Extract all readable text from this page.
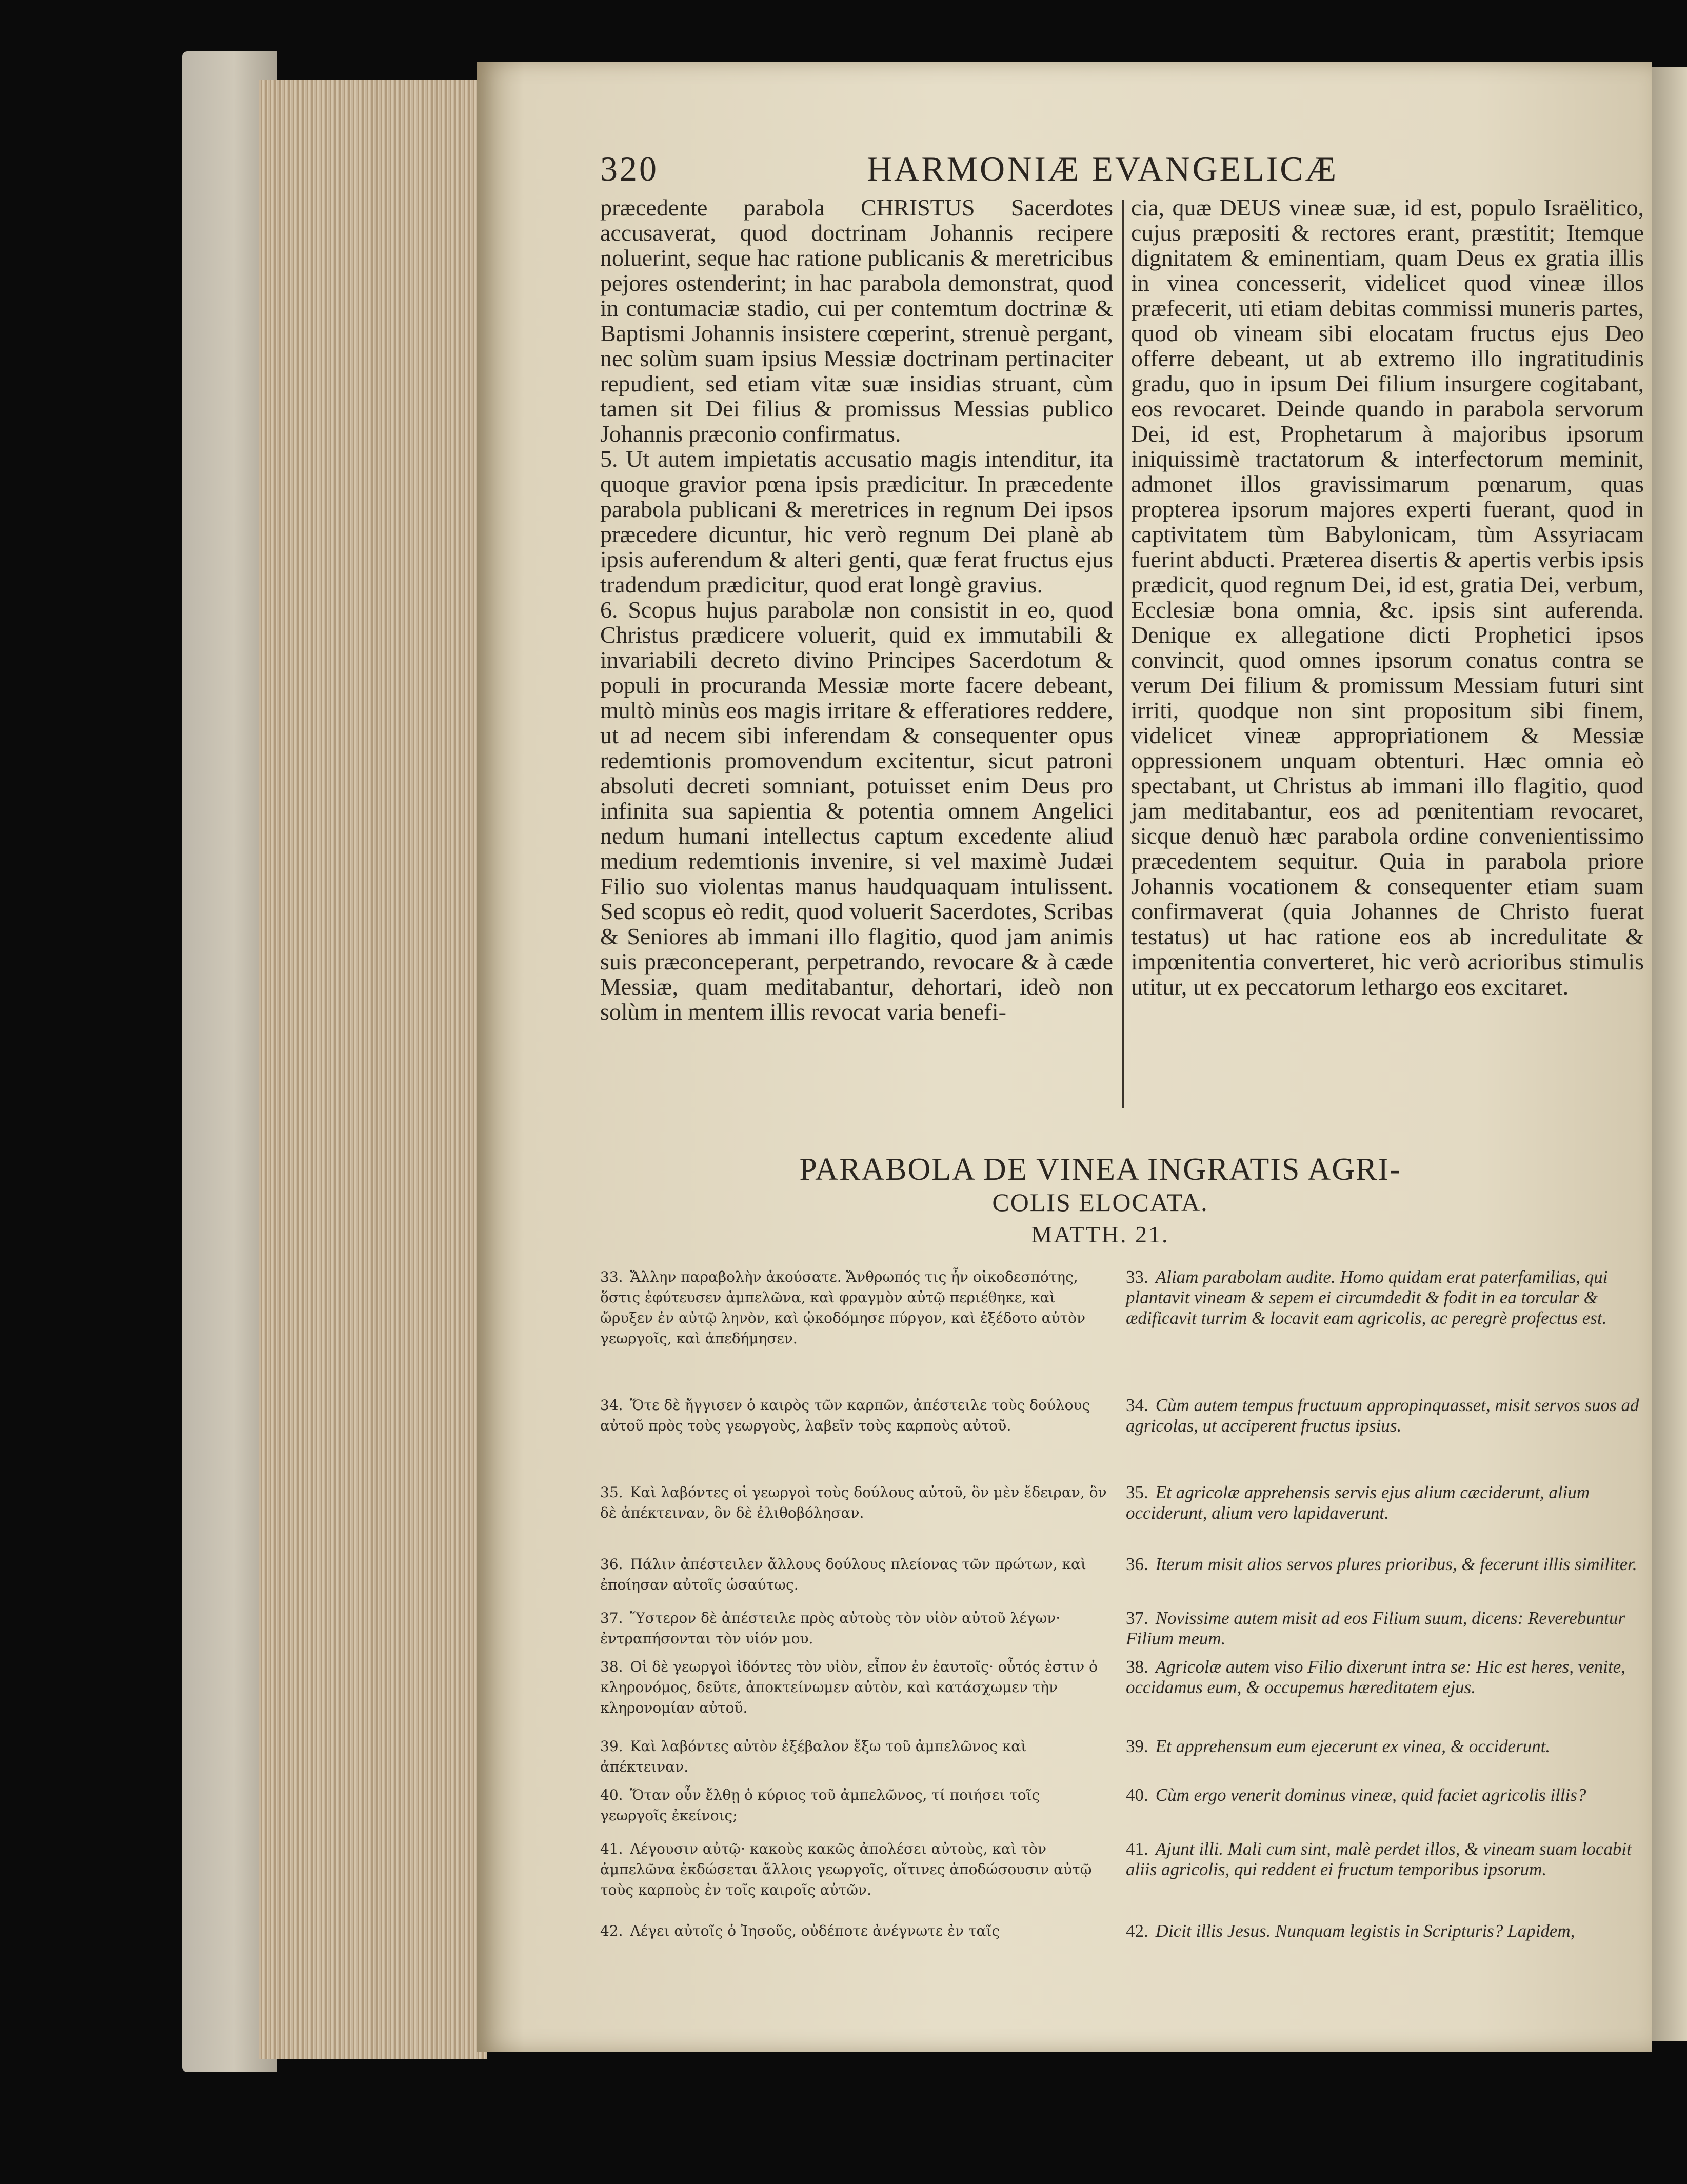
320	HARMONIÆ EVANGELICÆ

præcedente parabola CHRISTUS Sacerdotes accusaverat, quod doctrinam Johannis recipere noluerint, seque hac ratione publicanis & meretricibus pejores ostenderint; in hac parabola demonstrat, quod in contumaciæ stadio, cui per contemtum doctrinæ & Baptismi Johannis insistere cœperint, strenuè pergant, nec solùm suam ipsius Messiæ doctrinam pertinaciter repudient, sed etiam vitæ suæ insidias struant, cùm tamen sit Dei filius & promissus Messias publico Johannis præconio confirmatus.

5. Ut autem impietatis accusatio magis intenditur, ita quoque gravior pœna ipsis prædicitur. In præcedente parabola publicani & meretrices in regnum Dei ipsos præcedere dicuntur, hic verò regnum Dei planè ab ipsis auferendum & alteri genti, quæ ferat fructus ejus tradendum prædicitur, quod erat longè gravius.

6. Scopus hujus parabolæ non consistit in eo, quod Christus prædicere voluerit, quid ex immutabili & invariabili decreto divino Principes Sacerdotum & populi in procuranda Messiæ morte facere debeant, multò minùs eos magis irritare & efferatiores reddere, ut ad necem sibi inferendam & consequenter opus redemtionis promovendum excitentur, sicut patroni absoluti decreti somniant, potuisset enim Deus pro infinita sua sapientia & potentia omnem Angelici nedum humani intellectus captum excedente aliud medium redemtionis invenire, si vel maximè Judæi Filio suo violentas manus haudquaquam intulissent. Sed scopus eò redit, quod voluerit Sacerdotes, Scribas & Seniores ab immani illo flagitio, quod jam animis suis præconceperant, perpetrando, revocare & à cæde Messiæ, quam meditabantur, dehortari, ideò non solùm in mentem illis revocat varia benefi-

cia, quæ DEUS vineæ suæ, id est, populo Israëlitico, cujus præpositi & rectores erant, præstitit; Itemque dignitatem & eminentiam, quam Deus ex gratia illis in vinea concesserit, videlicet quod vineæ illos præfecerit, uti etiam debitas commissi muneris partes, quod ob vineam sibi elocatam fructus ejus Deo offerre debeant, ut ab extremo illo ingratitudinis gradu, quo in ipsum Dei filium insurgere cogitabant, eos revocaret. Deinde quando in parabola servorum Dei, id est, Prophetarum à majoribus ipsorum iniquissimè tractatorum & interfectorum meminit, admonet illos gravissimarum pœnarum, quas propterea ipsorum majores experti fuerant, quod in captivitatem tùm Babylonicam, tùm Assyriacam fuerint abducti. Præterea disertis & apertis verbis ipsis prædicit, quod regnum Dei, id est, gratia Dei, verbum, Ecclesiæ bona omnia, &c. ipsis sint auferenda. Denique ex allegatione dicti Prophetici ipsos convincit, quod omnes ipsorum conatus contra se verum Dei filium & promissum Messiam futuri sint irriti, quodque non sint propositum sibi finem, videlicet vineæ appropriationem & Messiæ oppressionem unquam obtenturi. Hæc omnia eò spectabant, ut Christus ab immani illo flagitio, quod jam meditabantur, eos ad pœnitentiam revocaret, sicque denuò hæc parabola ordine convenientissimo præcedentem sequitur. Quia in parabola priore Johannis vocationem & consequenter etiam suam confirmaverat (quia Johannes de Christo fuerat testatus) ut hac ratione eos ab incredulitate & impœnitentia converteret, hic verò acrioribus stimulis utitur, ut ex peccatorum lethargo eos excitaret.

PARABOLA DE VINEA INGRATIS AGRI-
COLIS ELOCATA.
MATTH. 21.
33. Ἄλλην παραβολὴν ἀκούσατε. Ἄνθρωπός τις ἦν οἰκοδεσπότης, ὅστις ἐφύτευσεν ἀμπελῶνα, καὶ φραγμὸν αὐτῷ περιέθηκε, καὶ ὤρυξεν ἐν αὐτῷ ληνὸν, καὶ ᾠκοδόμησε πύργον, καὶ ἐξέδοτο αὐτὸν γεωργοῖς, καὶ ἀπεδήμησεν.
34. Ὅτε δὲ ἤγγισεν ὁ καιρὸς τῶν καρπῶν, ἀπέστειλε τοὺς δούλους αὐτοῦ πρὸς τοὺς γεωργοὺς, λαβεῖν τοὺς καρποὺς αὐτοῦ.
35. Καὶ λαβόντες οἱ γεωργοὶ τοὺς δούλους αὐτοῦ, ὃν μὲν ἔδειραν, ὃν δὲ ἀπέκτειναν, ὃν δὲ ἐλιθοβόλησαν.
36. Πάλιν ἀπέστειλεν ἄλλους δούλους πλείονας τῶν πρώτων, καὶ ἐποίησαν αὐτοῖς ὡσαύτως.
37. Ὕστερον δὲ ἀπέστειλε πρὸς αὐτοὺς τὸν υἱὸν αὐτοῦ λέγων· ἐντραπήσονται τὸν υἱόν μου.
38. Οἱ δὲ γεωργοὶ ἰδόντες τὸν υἱὸν, εἶπον ἐν ἑαυτοῖς· οὗτός ἐστιν ὁ κληρονόμος, δεῦτε, ἀποκτείνωμεν αὐτὸν, καὶ κατάσχωμεν τὴν κληρονομίαν αὐτοῦ.
39. Καὶ λαβόντες αὐτὸν ἐξέβαλον ἔξω τοῦ ἀμπελῶνος καὶ ἀπέκτειναν.
40. Ὅταν οὖν ἔλθῃ ὁ κύριος τοῦ ἀμπελῶνος, τί ποιήσει τοῖς γεωργοῖς ἐκείνοις;
41. Λέγουσιν αὐτῷ· κακοὺς κακῶς ἀπολέσει αὐτοὺς, καὶ τὸν ἀμπελῶνα ἐκδώσεται ἄλλοις γεωργοῖς, οἵτινες ἀποδώσουσιν αὐτῷ τοὺς καρποὺς ἐν τοῖς καιροῖς αὐτῶν.
42. Λέγει αὐτοῖς ὁ Ἰησοῦς, οὐδέποτε ἀνέγνωτε ἐν ταῖς
33. Aliam parabolam audite. Homo quidam erat paterfamilias, qui plantavit vineam & sepem ei circumdedit & fodit in ea torcular & ædificavit turrim & locavit eam agricolis, ac peregrè profectus est.
34. Cùm autem tempus fructuum appropinquasset, misit servos suos ad agricolas, ut acciperent fructus ipsius.
35. Et agricolæ apprehensis servis ejus alium cæciderunt, alium occiderunt, alium vero lapidaverunt.
36. Iterum misit alios servos plures prioribus, & fecerunt illis similiter.
37. Novissime autem misit ad eos Filium suum, dicens: Reverebuntur Filium meum.
38. Agricolæ autem viso Filio dixerunt intra se: Hic est heres, venite, occidamus eum, & occupemus hæreditatem ejus.
39. Et apprehensum eum ejecerunt ex vinea, & occiderunt.
40. Cùm ergo venerit dominus vineæ, quid faciet agricolis illis?
41. Ajunt illi. Mali cum sint, malè perdet illos, & vineam suam locabit aliis agricolis, qui reddent ei fructum temporibus ipsorum.
42. Dicit illis Jesus. Nunquam legistis in Scripturis? Lapidem,
